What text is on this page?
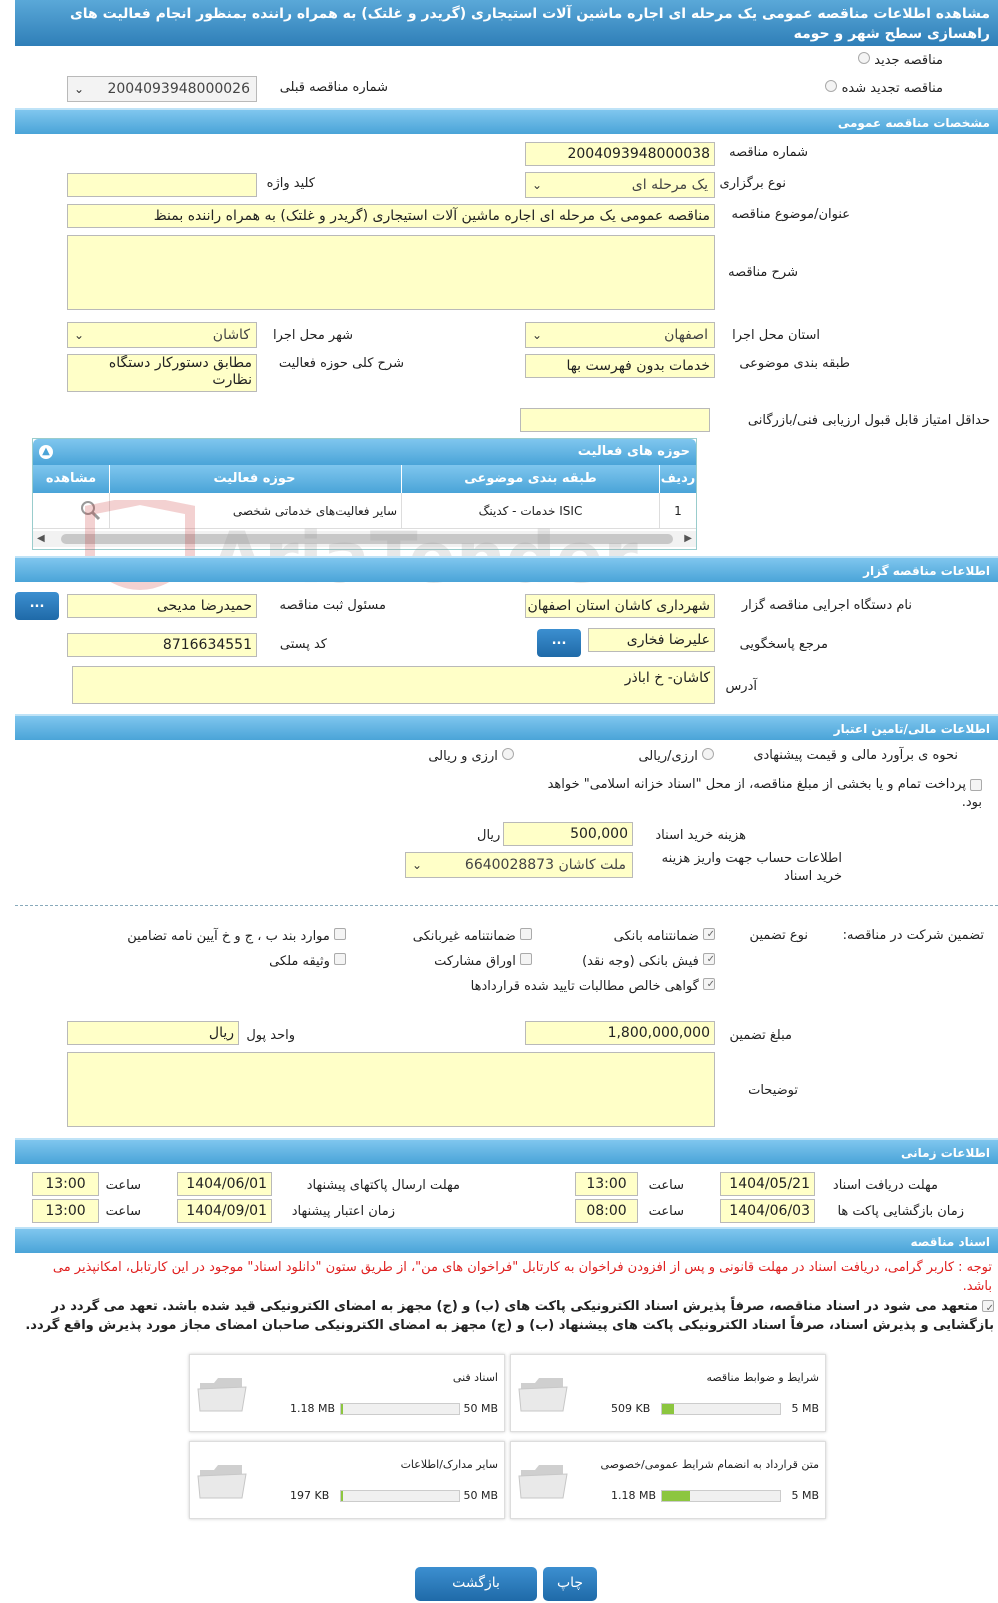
مشاهده اطلاعات مناقصه عمومی یک مرحله ای اجاره ماشین آلات استیجاری (گریدر و غلتک) به همراه راننده بمنظور انجام فعالیت های راهسازی سطح شهر و حومه
مناقصه جدید
مناقصه تجدید شده
شماره مناقصه قبلی
2004093948000026
⌄
مشخصات مناقصه عمومی
شماره مناقصه
2004093948000038
نوع برگزاری
یک مرحله ای
⌄
کلید واژه
عنوان/موضوع مناقصه
مناقصه عمومی یک مرحله ای اجاره ماشین آلات استیجاری (گریدر و غلتک) به همراه راننده بمنظ
شرح مناقصه
استان محل اجرا
اصفهان
⌄
شهر محل اجرا
کاشان
⌄
طبقه بندی موضوعی
خدمات بدون فهرست بها
شرح کلی حوزه فعالیت
مطابق دستورکار دستگاه نظارت
حداقل امتیاز قابل قبول ارزیابی فنی/بازرگانی
حوزه های فعالیت
▲
ردیف
طبقه بندی موضوعی
حوزه فعالیت
مشاهده
1
خدمات - کدینگ ISIC
سایر فعالیت‌های خدماتی شخصی
◀	▶
اطلاعات مناقصه گزار
نام دستگاه اجرایی مناقصه گزار
شهرداری کاشان استان اصفهان
مسئول ثبت مناقصه
حمیدرضا مدیحی
...
مرجع پاسخگویی
علیرضا فخاری
...
کد پستی
8716634551
آدرس
کاشان- خ اباذر
اطلاعات مالی/تامین اعتبار
نحوه ی برآورد مالی و قیمت پیشنهادی
ارزی/ریالی
ارزی و ریالی
پرداخت تمام و یا بخشی از مبلغ مناقصه، از محل "اسناد خزانه اسلامی" خواهد بود.
هزینه خرید اسناد
500,000
ریال
اطلاعات حساب جهت واریز هزینه خرید اسناد
ملت کاشان 6640028873
⌄
تضمین شرکت در مناقصه:
نوع تضمین
✓ ضمانتنامه بانکی
ضمانتنامه غیربانکی
موارد بند ب ، ج و خ آیین نامه تضامین
✓ فیش بانکی (وجه نقد)
اوراق مشارکت
وثیقه ملکی
✓ گواهی خالص مطالبات تایید شده قراردادها
مبلغ تضمین
1,800,000,000
واحد پول
ریال
توضیحات
اطلاعات زمانی
مهلت دریافت اسناد
1404/05/21
ساعت
13:00
مهلت ارسال پاکتهای پیشنهاد
1404/06/01
ساعت
13:00
زمان بازگشایی پاکت ها
1404/06/03
ساعت
08:00
زمان اعتبار پیشنهاد
1404/09/01
ساعت
13:00
اسناد مناقصه
توجه : کاربر گرامی، دریافت اسناد در مهلت قانونی و پس از افزودن فراخوان به کارتابل "فراخوان های من"، از طریق ستون "دانلود اسناد" موجود در این کارتابل، امکانپذیر می باشد.
✓
متعهد می شود در اسناد مناقصه، صرفاً پذیرش اسناد الکترونیکی پاکت های (ب) و (ج) مجهز به امضای الکترونیکی قید شده باشد. تعهد می گردد در بازگشایی و پذیرش اسناد، صرفاً اسناد الکترونیکی پاکت های پیشنهاد (ب) و (ج) مجهز به امضای الکترونیکی صاحبان امضای مجاز مورد پذیرش واقع گردد.
شرایط و ضوابط مناقصه
5 MB
509 KB
اسناد فنی
50 MB
1.18 MB
متن قرارداد به انضمام شرایط عمومی/خصوصی
5 MB
1.18 MB
سایر مدارک/اطلاعات
50 MB
197 KB
چاپ
بازگشت
